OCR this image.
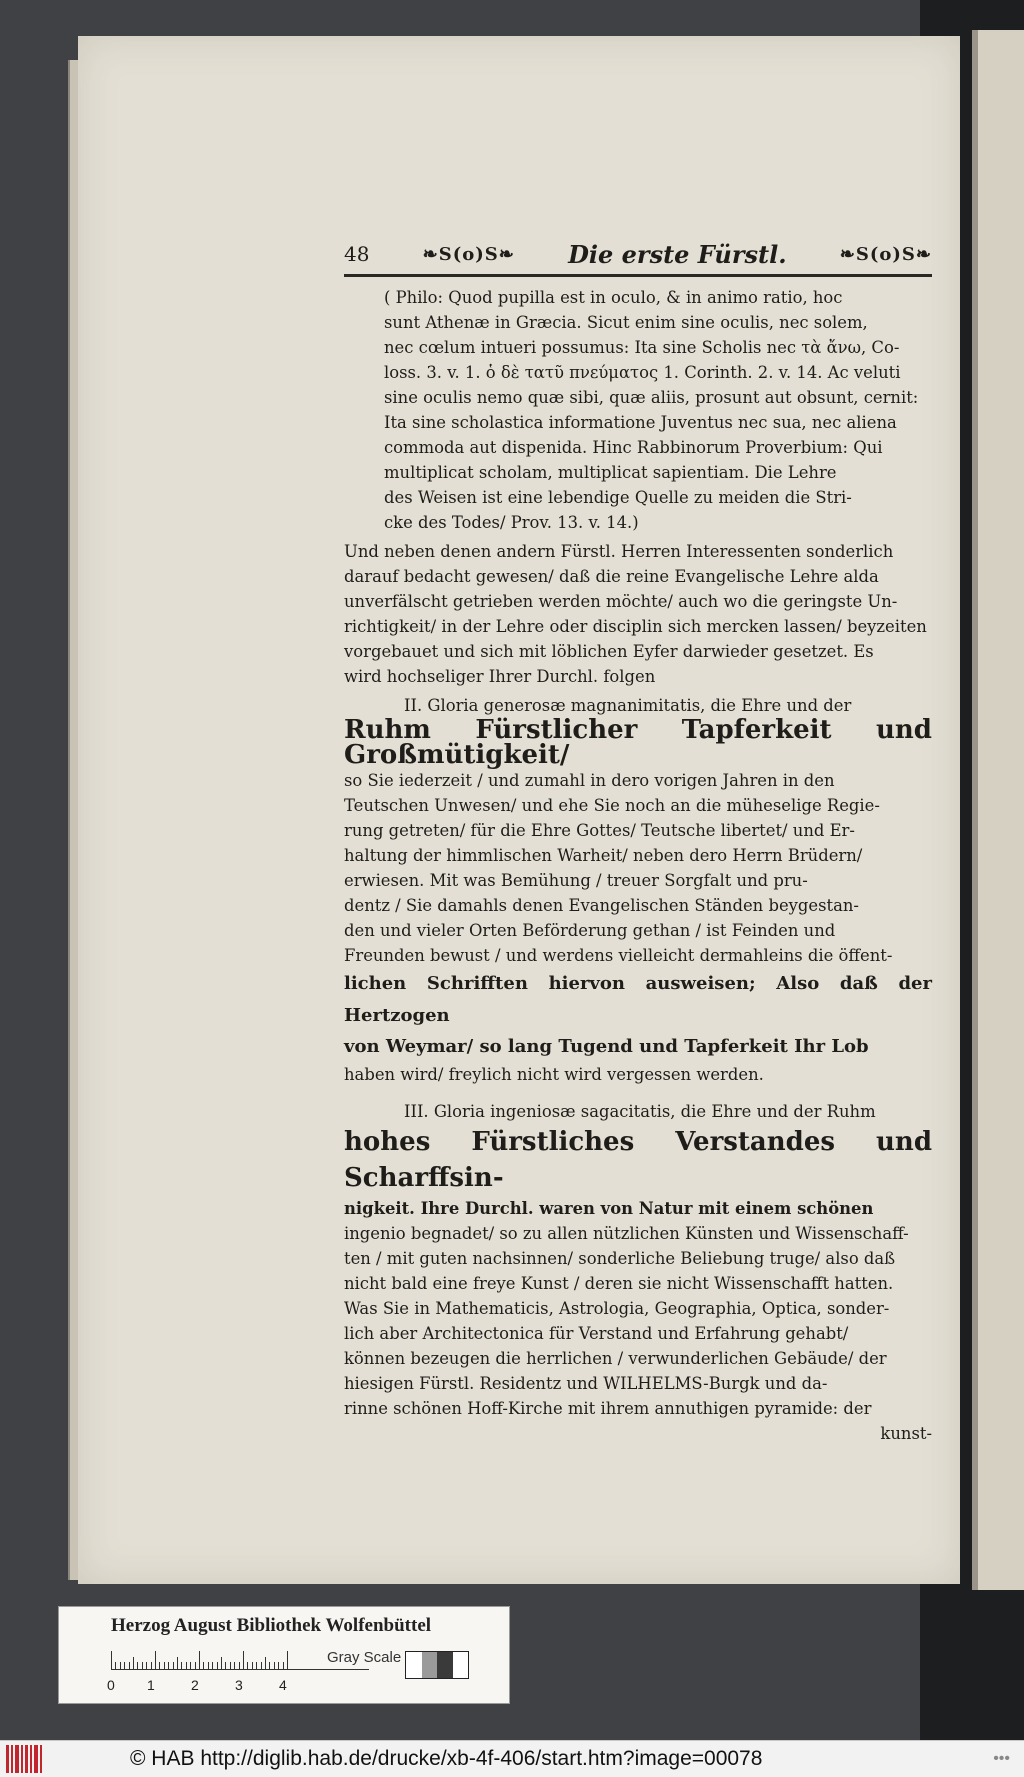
48	❧S(o)S❧ Die erste Fürstl.	❧S(o)S❧

( Philo: Quod pupilla est in oculo, & in animo ratio, hoc

sunt Athenæ in Græcia. Sicut enim sine oculis, nec solem,

nec cœlum intueri possumus: Ita sine Scholis nec τὰ ἄνω, Co-

loss. 3. v. 1. ὁ δὲ τατῦ πνεύματος 1. Corinth. 2. v. 14. Ac veluti

sine oculis nemo quæ sibi, quæ aliis, prosunt aut obsunt, cernit:

Ita sine scholastica informatione Juventus nec sua, nec aliena

commoda aut dispenida. Hinc Rabbinorum Proverbium: Qui

multiplicat scholam, multiplicat sapientiam. Die Lehre

des Weisen ist eine lebendige Quelle zu meiden die Stri-

cke des Todes/ Prov. 13. v. 14.)

Und neben denen andern Fürstl. Herren Interessenten sonderlich

darauf bedacht gewesen/ daß die reine Evangelische Lehre alda

unverfälscht getrieben werden möchte/ auch wo die geringste Un-

richtigkeit/ in der Lehre oder disciplin sich mercken lassen/ beyzeiten

vorgebauet und sich mit löblichen Eyfer darwieder gesetzet. Es

wird hochseliger Ihrer Durchl. folgen

II. Gloria generosæ magnanimitatis, die Ehre und der

Ruhm Fürstlicher Tapferkeit und Großmütigkeit/

so Sie iederzeit / und zumahl in dero vorigen Jahren in den

Teutschen Unwesen/ und ehe Sie noch an die müheselige Regie-

rung getreten/ für die Ehre Gottes/ Teutsche libertet/ und Er-

haltung der himmlischen Warheit/ neben dero Herrn Brüdern/

erwiesen. Mit was Bemühung / treuer Sorgfalt und pru-

dentz / Sie damahls denen Evangelischen Ständen beygestan-

den und vieler Orten Beförderung gethan / ist Feinden und

Freunden bewust / und werdens vielleicht dermahleins die öffent-

lichen Schrifften hiervon ausweisen; Also daß der Hertzogen

von Weymar/ so lang Tugend und Tapferkeit Ihr Lob

haben wird/ freylich nicht wird vergessen werden.

III. Gloria ingeniosæ sagacitatis, die Ehre und der Ruhm

hohes Fürstliches Verstandes und Scharffsin-

nigkeit. Ihre Durchl. waren von Natur mit einem schönen

ingenio begnadet/ so zu allen nützlichen Künsten und Wissenschaff-

ten / mit guten nachsinnen/ sonderliche Beliebung truge/ also daß

nicht bald eine freye Kunst / deren sie nicht Wissenschafft hatten.

Was Sie in Mathematicis, Astrologia, Geographia, Optica, sonder-

lich aber Architectonica für Verstand und Erfahrung gehabt/

können bezeugen die herrlichen / verwunderlichen Gebäude/ der

hiesigen Fürstl. Residentz und WILHELMS-Burgk und da-

rinne schönen Hoff-Kirche mit ihrem annuthigen pyramide: der

kunst-

Herzog August Bibliothek Wolfenbüttel
0 1	2	3	4
Gray Scale
© HAB http://diglib.hab.de/drucke/xb-4f-406/start.htm?image=00078	•••
